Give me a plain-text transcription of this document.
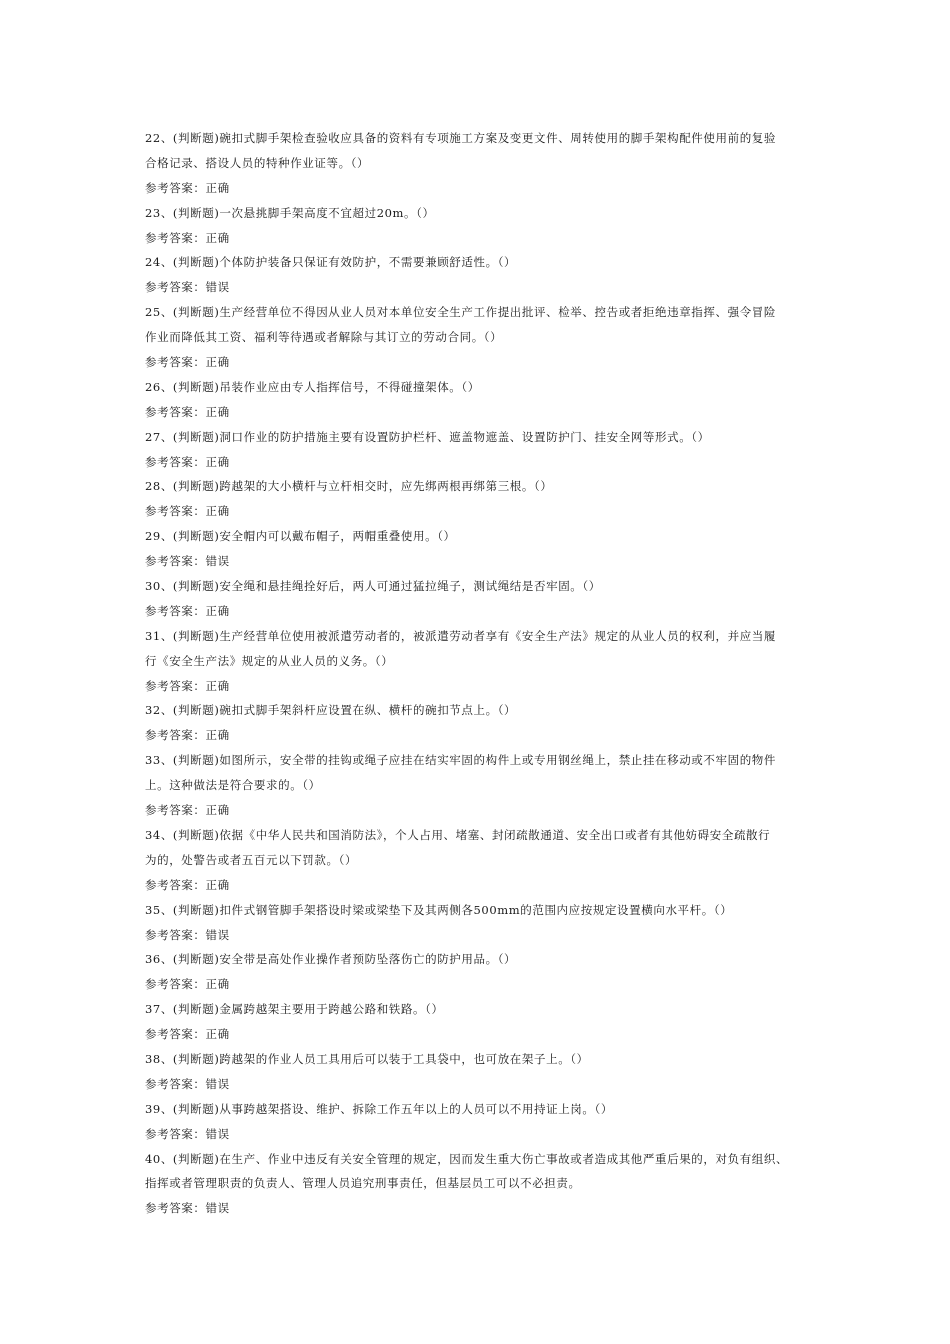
22、(判断题)碗扣式脚手架检查验收应具备的资料有专项施工方案及变更文件、周转使用的脚手架构配件使用前的复验
合格记录、搭设人员的特种作业证等。（）
参考答案：正确
23、(判断题)一次悬挑脚手架高度不宜超过20m。（）
参考答案：正确
24、(判断题)个体防护装备只保证有效防护，不需要兼顾舒适性。（）
参考答案：错误
25、(判断题)生产经营单位不得因从业人员对本单位安全生产工作提出批评、检举、控告或者拒绝违章指挥、强令冒险
作业而降低其工资、福利等待遇或者解除与其订立的劳动合同。（）
参考答案：正确
26、(判断题)吊装作业应由专人指挥信号，不得碰撞架体。（）
参考答案：正确
27、(判断题)洞口作业的防护措施主要有设置防护栏杆、遮盖物遮盖、设置防护门、挂安全网等形式。（）
参考答案：正确
28、(判断题)跨越架的大小横杆与立杆相交时，应先绑两根再绑第三根。（）
参考答案：正确
29、(判断题)安全帽内可以戴布帽子，两帽重叠使用。（）
参考答案：错误
30、(判断题)安全绳和悬挂绳拴好后，两人可通过猛拉绳子，测试绳结是否牢固。（）
参考答案：正确
31、(判断题)生产经营单位使用被派遣劳动者的，被派遣劳动者享有《安全生产法》规定的从业人员的权利，并应当履
行《安全生产法》规定的从业人员的义务。（）
参考答案：正确
32、(判断题)碗扣式脚手架斜杆应设置在纵、横杆的碗扣节点上。（）
参考答案：正确
33、(判断题)如图所示，安全带的挂钩或绳子应挂在结实牢固的构件上或专用钢丝绳上，禁止挂在移动或不牢固的物件
上。这种做法是符合要求的。（）
参考答案：正确
34、(判断题)依据《中华人民共和国消防法》，个人占用、堵塞、封闭疏散通道、安全出口或者有其他妨碍安全疏散行
为的，处警告或者五百元以下罚款。（）
参考答案：正确
35、(判断题)扣件式钢管脚手架搭设时梁或梁垫下及其两侧各500mm的范围内应按规定设置横向水平杆。（）
参考答案：错误
36、(判断题)安全带是高处作业操作者预防坠落伤亡的防护用品。（）
参考答案：正确
37、(判断题)金属跨越架主要用于跨越公路和铁路。（）
参考答案：正确
38、(判断题)跨越架的作业人员工具用后可以装于工具袋中，也可放在架子上。（）
参考答案：错误
39、(判断题)从事跨越架搭设、维护、拆除工作五年以上的人员可以不用持证上岗。（）
参考答案：错误
40、(判断题)在生产、作业中违反有关安全管理的规定，因而发生重大伤亡事故或者造成其他严重后果的，对负有组织、
指挥或者管理职责的负责人、管理人员追究刑事责任，但基层员工可以不必担责。
参考答案：错误
